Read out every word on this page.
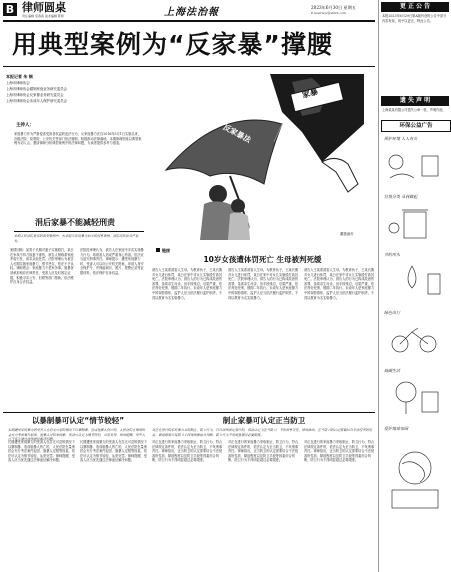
B 律师圆桌
责任编辑 宋春雨 美术编辑 陈婷	上海法治報	2023年6月30日 星期五
E-mail:lsyz@shfzb.com
用典型案例为“反家暴”撑腰
本报记者 朱 娴
上海市律师协会
上海市律师协会婚姻家庭业务研究委员会
上海市律师协会反家暴业务研究委员会
上海市律师协会未成年人保护研究委员会
主持人：
家庭暴力作为严重侵害受害者权益的违法行为，反家庭暴力法自2016年3月1日实施以来，各级法院、检察院、公安机关等部门依法履职，积极推动法律落地，本期律师圆桌以典型案例为切入点，邀请律师分析典型案例中的法律问题，为读者提供参考与借鉴。
涓后家暴不能减轻刑责
本期人民法院发布的典型案例中，有多起与家庭暴力相关的刑事案例，法院均依法从严惩处。
案情回顾：某男子长期对妻子实施殴打，某日在争执中持刀致妻子重伤，被告人辩称系家庭矛盾引发，请求从轻处罚。法院审理认为被告人长期实施家庭暴力，情节恶劣，依法不予从轻。律师观点：家庭暴力不是家务事，施暴者须承担相应法律责任，受害人应及时固定证据，积极寻求公安、妇联等部门帮助，依法维护自身合法权益。
法院经审理认为，被告人在家庭中多次实施暴力行为，给被害人造成严重身心伤害，依法应当追究刑事责任。律师提示：遭受家庭暴力时，受害人可以向公安机关报案，申请人身安全保护令，并保留病历、照片、报警记录等证据材料，依法保护自身权益。
家暴
反家暴法
董郎画片
链接
10岁女孩遭体罚死亡 生母被判死缓
被告人王某系被害人生母。为教育孩子，王某长期对女儿进行体罚，某日在家中对女儿实施殴打致其死亡。法院审理认为，被告人的行为已构成故意伤害罪，虽系亲生母亲，但手段残忍，后果严重，依法判处死刑，缓期二年执行。未成年人是家庭暴力中的弱势群体，监护人应当依法履行监护职责，不得以教育为名实施暴力。
被告人王某系被害人生母。为教育孩子，王某长期对女儿进行体罚，某日在家中对女儿实施殴打致其死亡。法院审理认为，被告人的行为已构成故意伤害罪，虽系亲生母亲，但手段残忍，后果严重，依法判处死刑，缓期二年执行。未成年人是家庭暴力中的弱势群体，监护人应当依法履行监护职责，不得以教育为名实施暴力。
被告人王某系被害人生母。为教育孩子，王某长期对女儿进行体罚，某日在家中对女儿实施殴打致其死亡。法院审理认为，被告人的行为已构成故意伤害罪，虽系亲生母亲，但手段残忍，后果严重，依法判处死刑，缓期二年执行。未成年人是家庭暴力中的弱势群体，监护人应当依法履行监护职责，不得以教育为名实施暴力。
以暴制暴可认定“情节较轻”
长期遭受家庭暴力的受害人在忍无可忍的情况下以暴制暴，造成施暴人伤亡的，人民法院在量刑时会充分考虑案件起因、施暴人过错等因素，依法可认定为情节较轻，从宽处罚。律师提醒，受害人应当优先通过法律途径解决问题。
长期遭受家庭暴力的受害人在忍无可忍的情况下以暴制暴，造成施暴人伤亡的，人民法院在量刑时会充分考虑案件起因、施暴人过错等因素，依法可认定为情节较轻，从宽处罚。律师提醒，受害人应当优先通过法律途径解决问题。
长期遭受家庭暴力的受害人在忍无可忍的情况下以暴制暴，造成施暴人伤亡的，人民法院在量刑时会充分考虑案件起因、施暴人过错等因素，依法可认定为情节较轻，从宽处罚。律师提醒，受害人应当优先通过法律途径解决问题。
制止家暴可认定正当防卫
对正在进行的家庭暴力采取制止、防卫行为，符合法律规定条件的，依法认定为正当防卫，不负刑事责任。律师指出，正当防卫的认定需要结合不法侵害的性质、紧迫程度以及防卫手段等因素综合判断，防卫行为不得明显超过必要限度。
对正在进行的家庭暴力采取制止、防卫行为，符合法律规定条件的，依法认定为正当防卫，不负刑事责任。律师指出，正当防卫的认定需要结合不法侵害的性质、紧迫程度以及防卫手段等因素综合判断，防卫行为不得明显超过必要限度。
对正在进行的家庭暴力采取制止、防卫行为，符合法律规定条件的，依法认定为正当防卫，不负刑事责任。律师指出，正当防卫的认定需要结合不法侵害的性质、紧迫程度以及防卫手段等因素综合判断，防卫行为不得明显超过必要限度。
对正在进行的家庭暴力采取制止、防卫行为，符合法律规定条件的，依法认定为正当防卫，不负刑事责任。律师指出，正当防卫的认定需要结合不法侵害的性质、紧迫程度以及防卫手段等因素综合判断，防卫行为不得明显超过必要限度。
更 正 公 告
本报2023年6月29日第A版刊登的公告中部分内容有误，现予以更正，特此公告。
遗 失 声 明
上海某某有限公司遗失公章一枚，声明作废。
环保公益广告
保护环境 人人有责
垃圾分类 从我做起
节约用水
绿色出行
低碳生活
爱护地球家园
